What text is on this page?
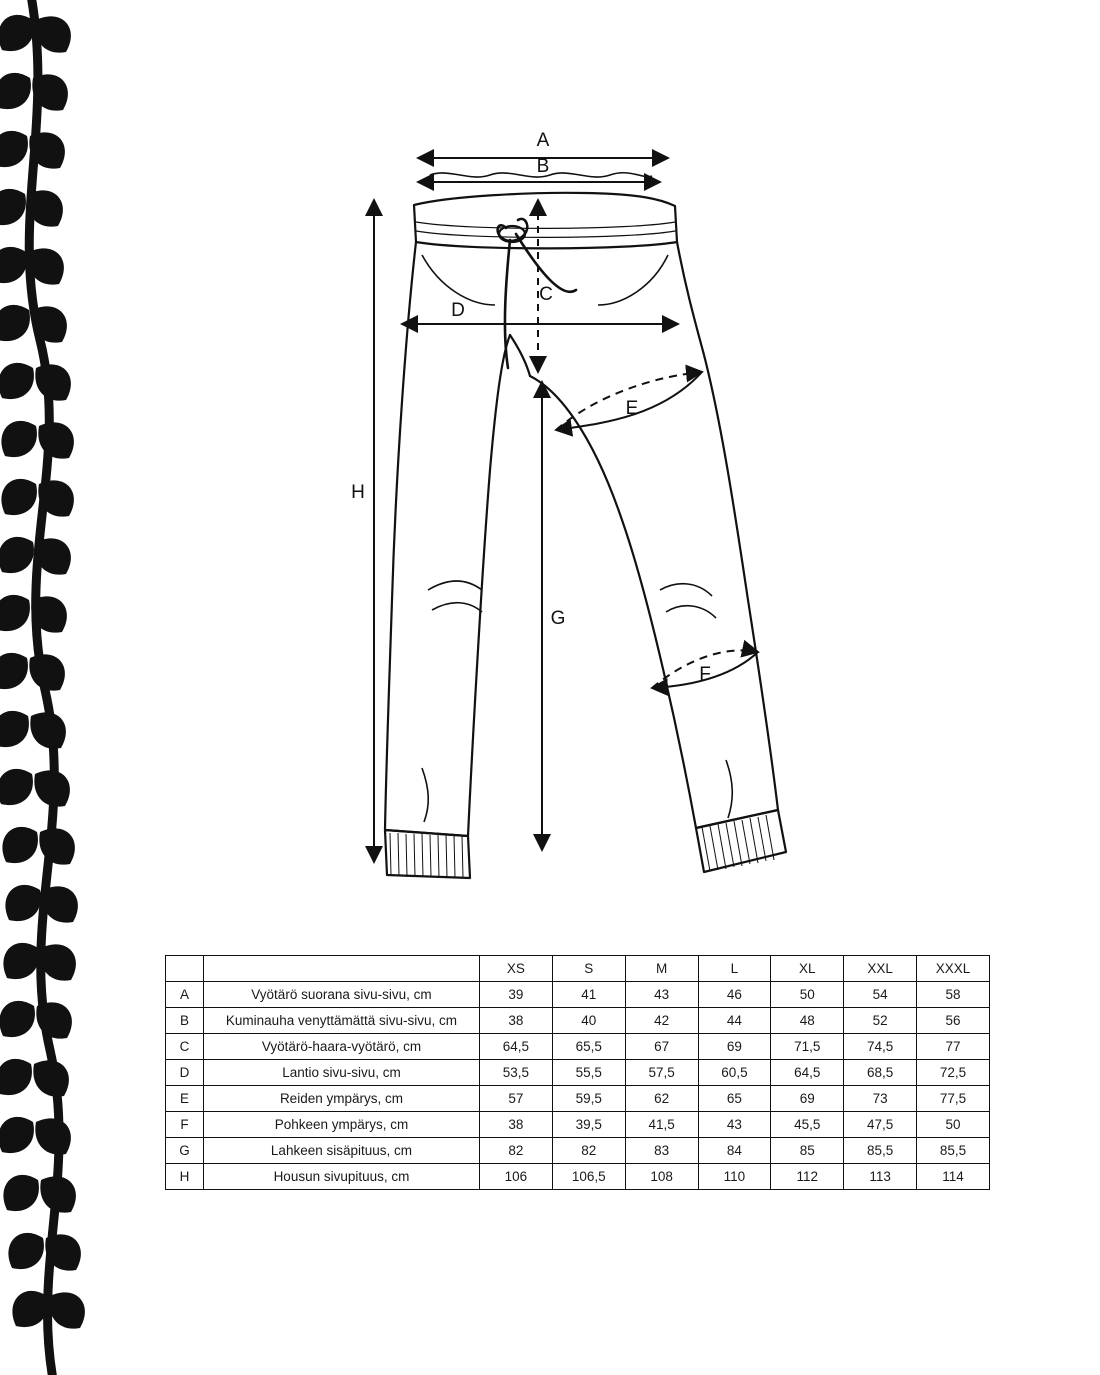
A
B
C
D
E
F
G
H
		XS	S	M	L	XL	XXL	XXXL
A	Vyötärö suorana sivu-sivu, cm	39	41	43	46	50	54	58
B	Kuminauha venyttämättä sivu-sivu, cm	38	40	42	44	48	52	56
C	Vyötärö-haara-vyötärö, cm	64,5	65,5	67	69	71,5	74,5	77
D	Lantio sivu-sivu, cm	53,5	55,5	57,5	60,5	64,5	68,5	72,5
E	Reiden ympärys, cm	57	59,5	62	65	69	73	77,5
F	Pohkeen ympärys, cm	38	39,5	41,5	43	45,5	47,5	50
G	Lahkeen sisäpituus, cm	82	82	83	84	85	85,5	85,5
H	Housun sivupituus, cm	106	106,5	108	110	112	113	114
